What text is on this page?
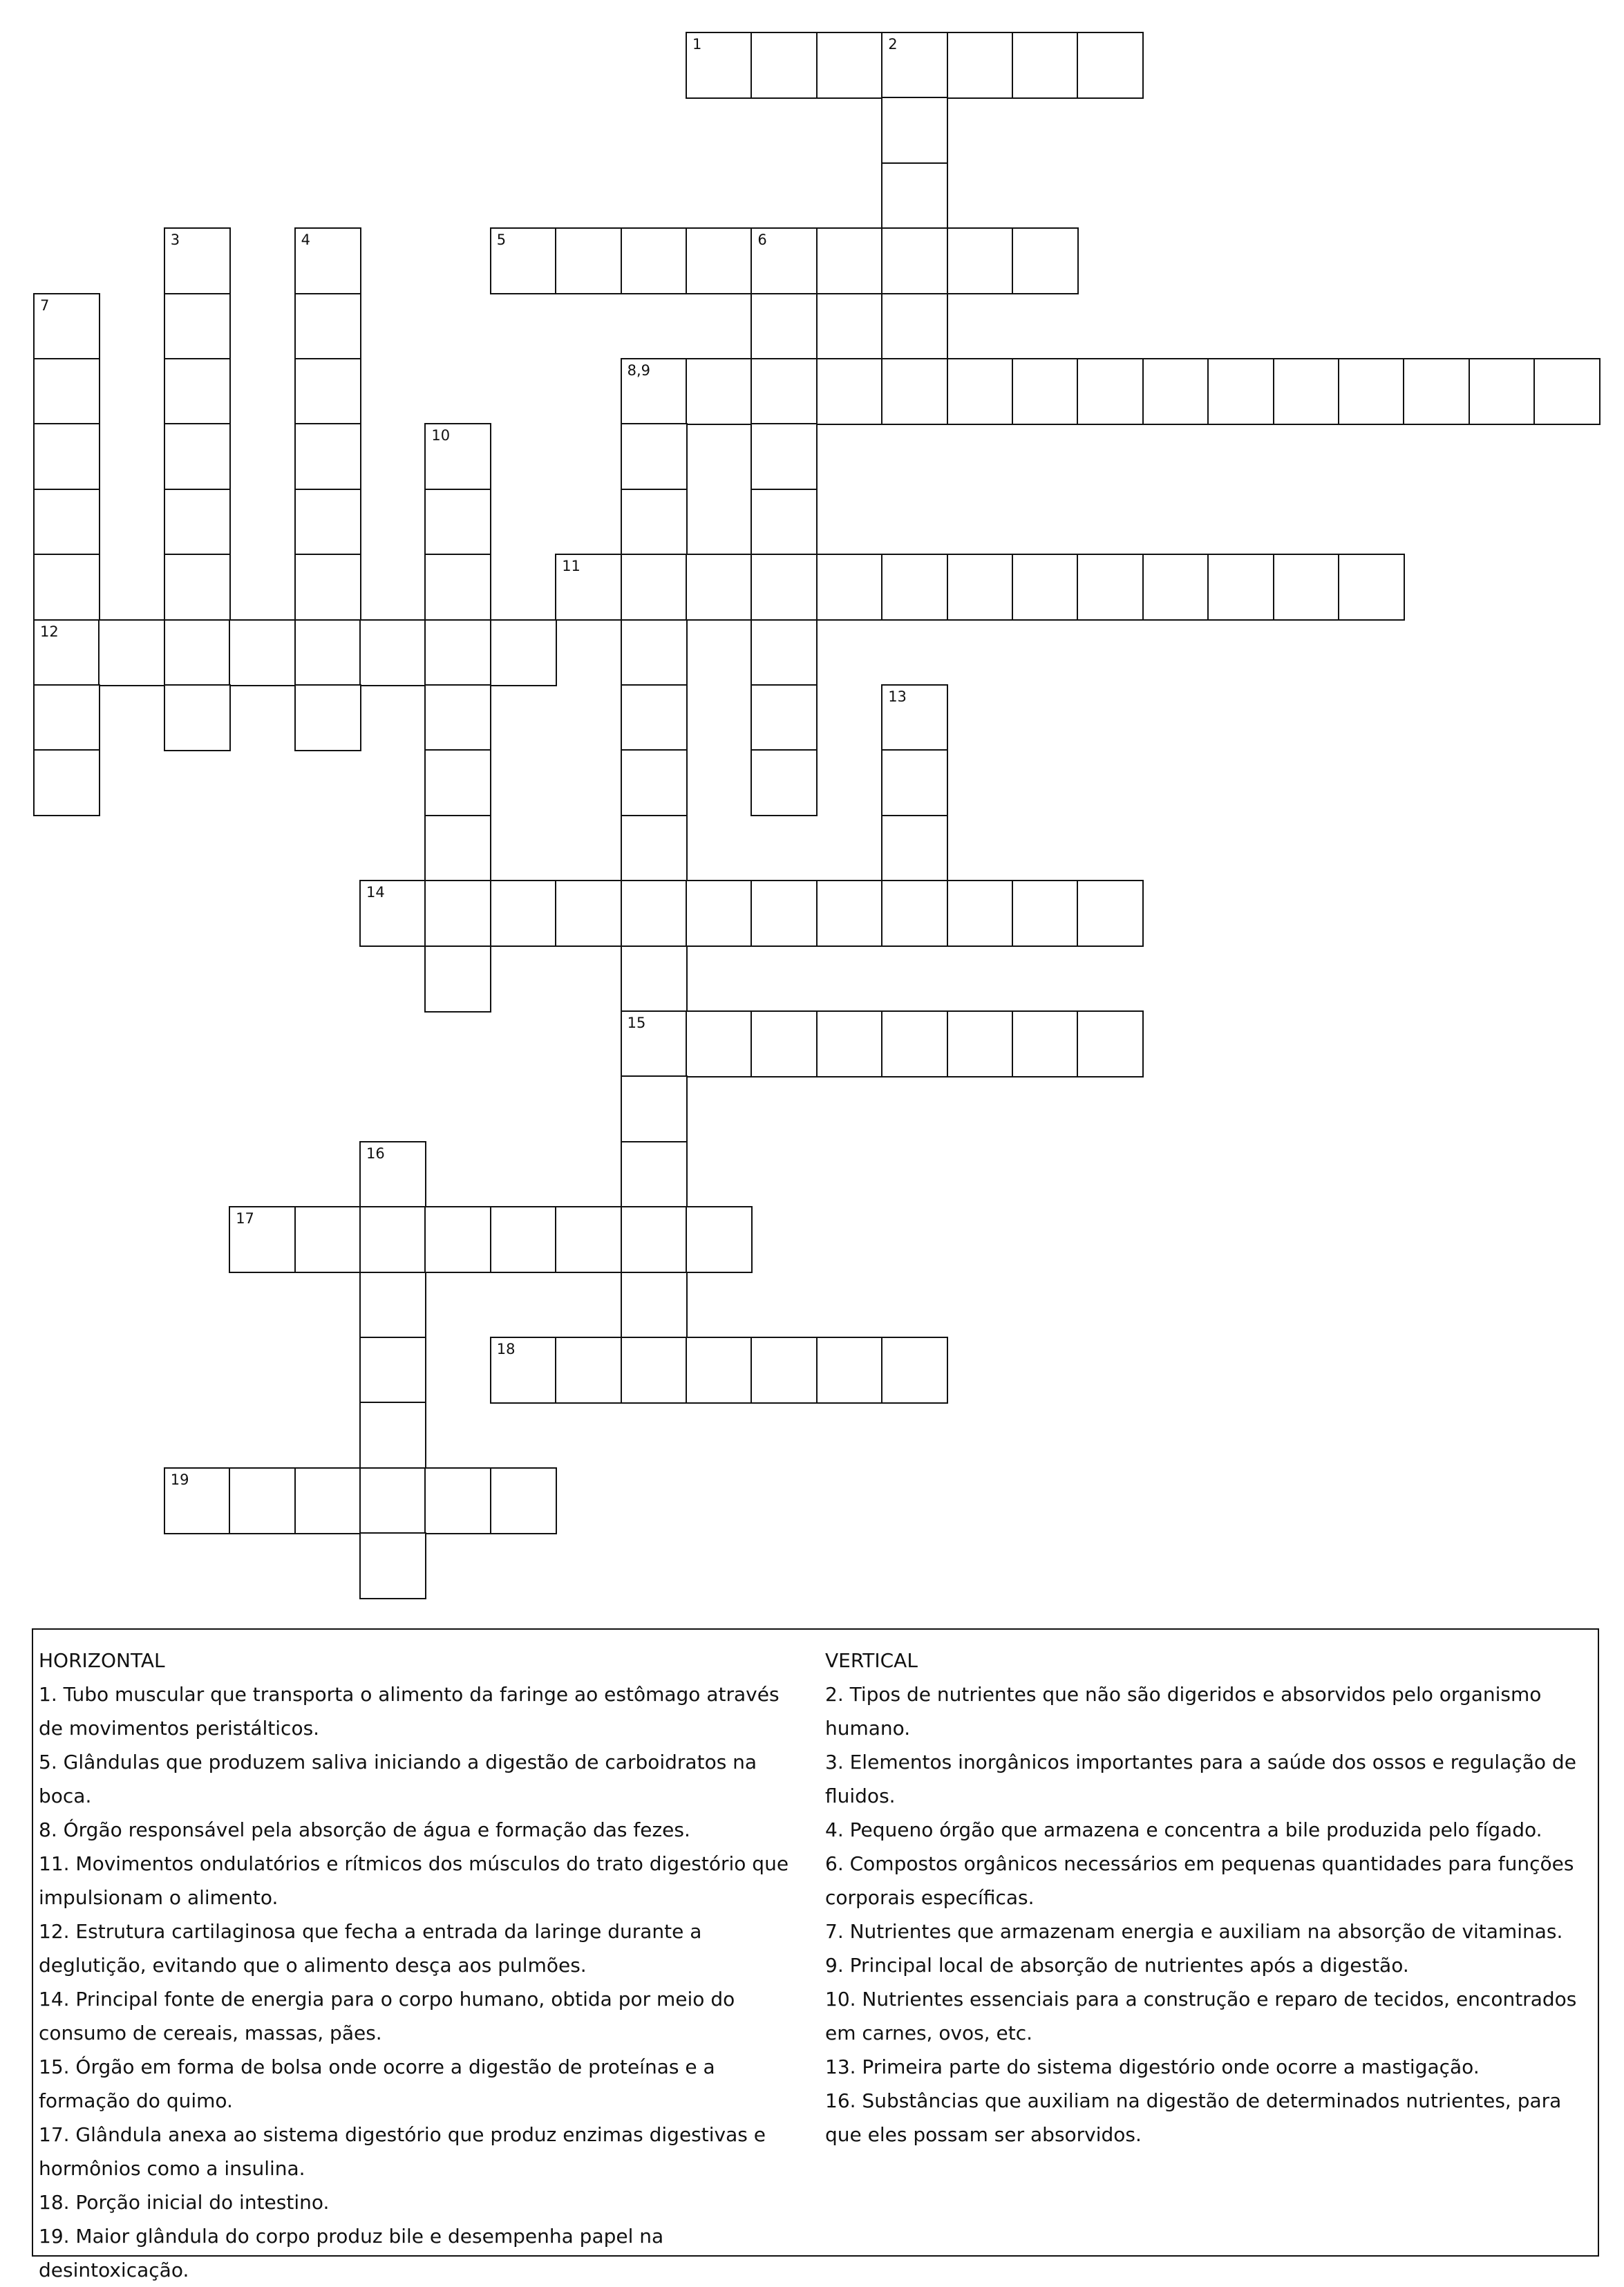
1	2
3	4	5	6
7
8,9
10
11
12
13
14
15
16
17
18
19

HORIZONTAL

1. Tubo muscular que transporta o alimento da faringe ao estômago através de movimentos peristálticos.

5. Glândulas que produzem saliva iniciando a digestão de carboidratos na boca.

8. Órgão responsável pela absorção de água e formação das fezes.

11. Movimentos ondulatórios e rítmicos dos músculos do trato digestório que impulsionam o alimento.

12. Estrutura cartilaginosa que fecha a entrada da laringe durante a deglutição, evitando que o alimento desça aos pulmões.

14. Principal fonte de energia para o corpo humano, obtida por meio do consumo de cereais, massas, pães.

15. Órgão em forma de bolsa onde ocorre a digestão de proteínas e a formação do quimo.

17. Glândula anexa ao sistema digestório que produz enzimas digestivas e hormônios como a insulina.

18. Porção inicial do intestino.

19. Maior glândula do corpo produz bile e desempenha papel na desintoxicação.

VERTICAL

2. Tipos de nutrientes que não são digeridos e absorvidos pelo organismo humano.

3. Elementos inorgânicos importantes para a saúde dos ossos e regulação de fluidos.

4. Pequeno órgão que armazena e concentra a bile produzida pelo fígado.

6. Compostos orgânicos necessários em pequenas quantidades para funções corporais específicas.

7. Nutrientes que armazenam energia e auxiliam na absorção de vitaminas.

9. Principal local de absorção de nutrientes após a digestão.

10. Nutrientes essenciais para a construção e reparo de tecidos, encontrados em carnes, ovos, etc.

13. Primeira parte do sistema digestório onde ocorre a mastigação.

16. Substâncias que auxiliam na digestão de determinados nutrientes, para que eles possam ser absorvidos.
